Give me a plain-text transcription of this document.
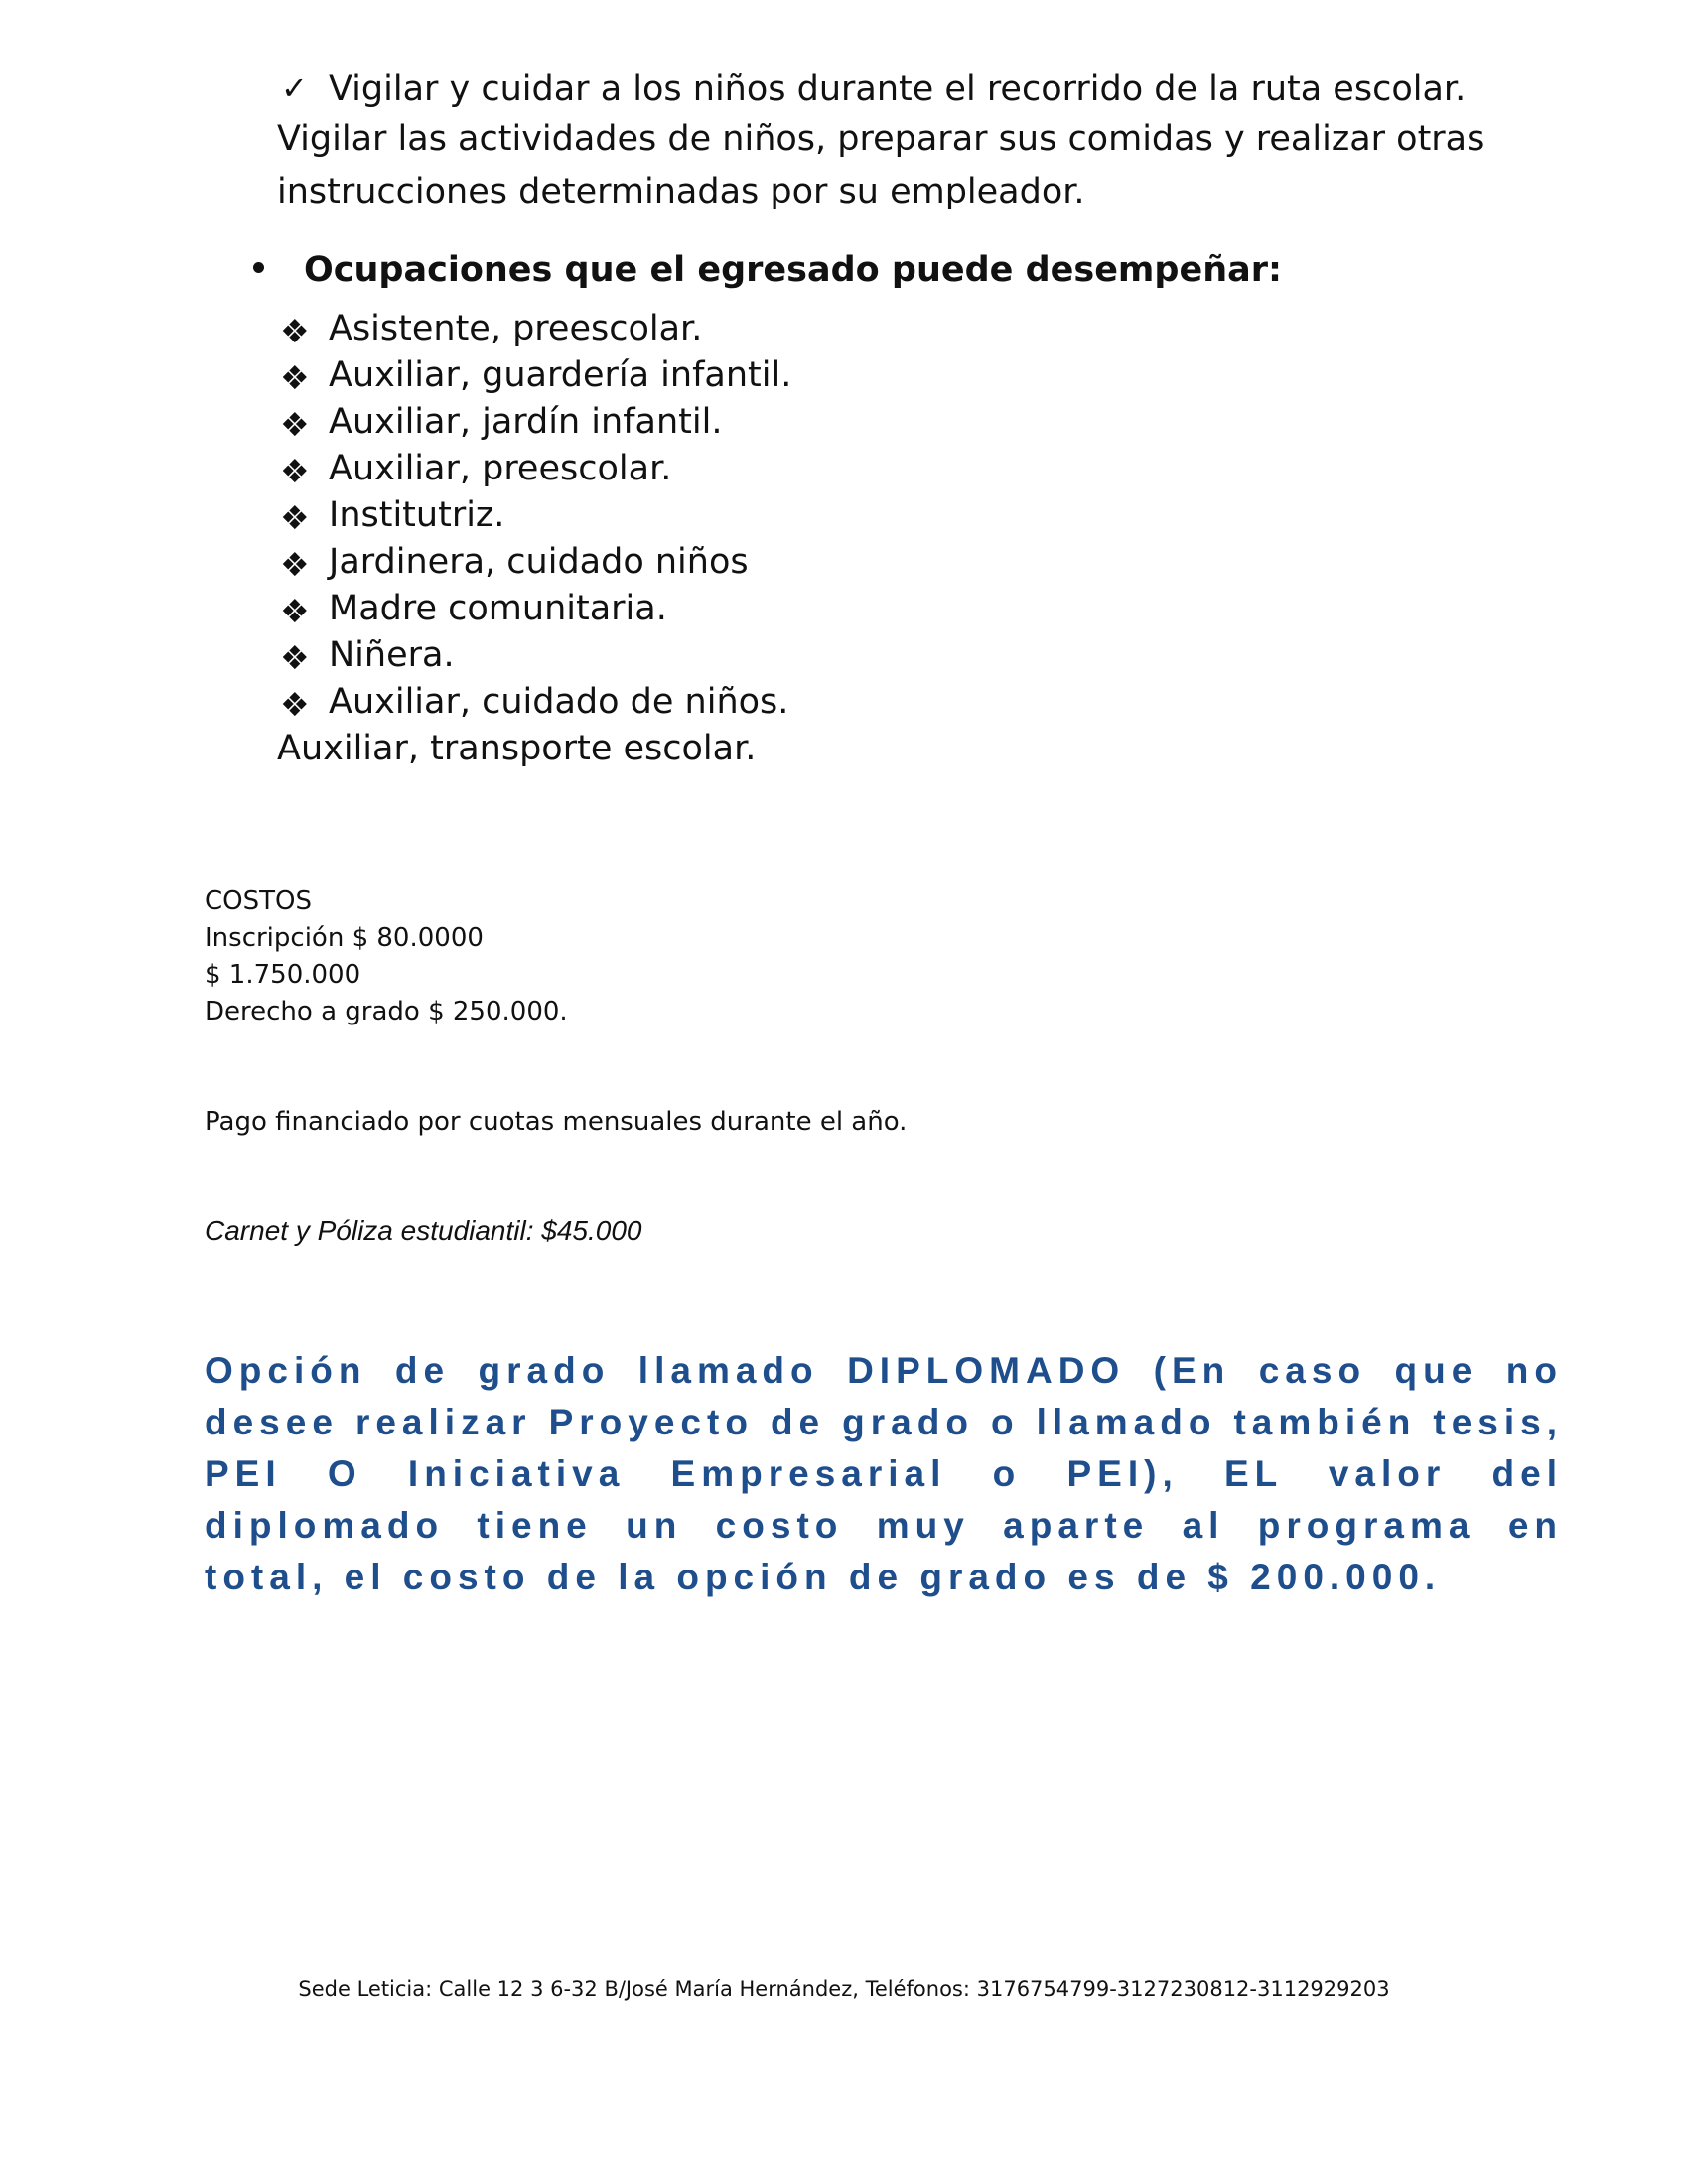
✓ Vigilar y cuidar a los niños durante el recorrido de la ruta escolar.
Vigilar las actividades de niños, preparar sus comidas y realizar otras
instrucciones determinadas por su empleador.
Ocupaciones que el egresado puede desempeñar:
❖ Asistente, preescolar.
❖ Auxiliar, guardería infantil.
❖ Auxiliar, jardín infantil.
❖ Auxiliar, preescolar.
❖ Institutriz.
❖ Jardinera, cuidado niños
❖ Madre comunitaria.
❖ Niñera.
❖ Auxiliar, cuidado de niños.
Auxiliar, transporte escolar.
COSTOS
Inscripción $ 80.0000
$ 1.750.000
Derecho a grado $ 250.000.
Pago financiado por cuotas mensuales durante el año.
Carnet y Póliza estudiantil: $45.000
Opción de grado llamado DIPLOMADO (En caso que no desee realizar Proyecto de grado o llamado también tesis, PEI O Iniciativa Empresarial o PEI), EL valor del diplomado tiene un costo muy aparte al programa en total, el costo de la opción de grado es de $ 200.000.
Sede Leticia: Calle 12 3 6-32 B/José María Hernández, Teléfonos: 3176754799-3127230812-3112929203
